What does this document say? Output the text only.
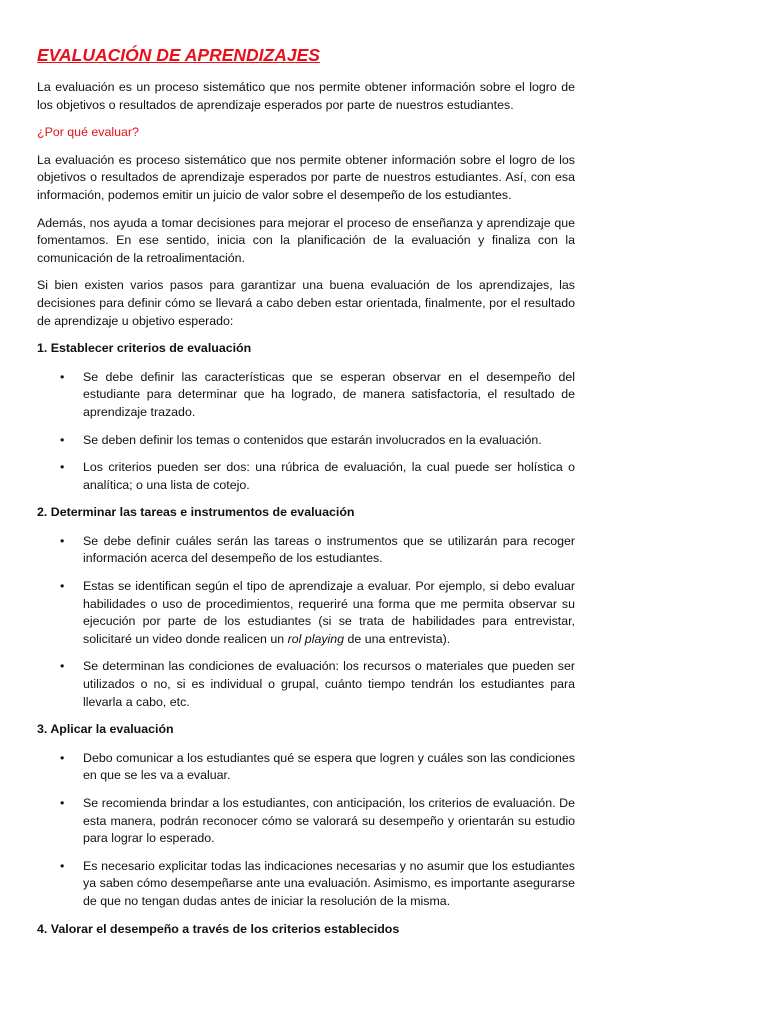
EVALUACIÓN DE APRENDIZAJES

La evaluación es un proceso sistemático que nos permite obtener información sobre el logro de los objetivos o resultados de aprendizaje esperados por parte de nuestros estudiantes.

¿Por qué evaluar?

La evaluación es proceso sistemático que nos permite obtener información sobre el logro de los objetivos o resultados de aprendizaje esperados por parte de nuestros estudiantes. Así, con esa información, podemos emitir un juicio de valor sobre el desempeño de los estudiantes.

Además, nos ayuda a tomar decisiones para mejorar el proceso de enseñanza y aprendizaje que fomentamos. En ese sentido, inicia con la planificación de la evaluación y finaliza con la comunicación de la retroalimentación.

Si bien existen varios pasos para garantizar una buena evaluación de los aprendizajes, las decisiones para definir cómo se llevará a cabo deben estar orientada, finalmente, por el resultado de aprendizaje u objetivo esperado:

1. Establecer criterios de evaluación
• Se debe definir las características que se esperan observar en el desempeño del estudiante para determinar que ha logrado, de manera satisfactoria, el resultado de aprendizaje trazado.
• Se deben definir los temas o contenidos que estarán involucrados en la evaluación.
• Los criterios pueden ser dos: una rúbrica de evaluación, la cual puede ser holística o analítica; o una lista de cotejo.
2. Determinar las tareas e instrumentos de evaluación
• Se debe definir cuáles serán las tareas o instrumentos que se utilizarán para recoger información acerca del desempeño de los estudiantes.
• Estas se identifican según el tipo de aprendizaje a evaluar. Por ejemplo, si debo evaluar habilidades o uso de procedimientos, requeriré una forma que me permita observar su ejecución por parte de los estudiantes (si se trata de habilidades para entrevistar, solicitaré un video donde realicen un rol playing de una entrevista).
• Se determinan las condiciones de evaluación: los recursos o materiales que pueden ser utilizados o no, si es individual o grupal, cuánto tiempo tendrán los estudiantes para llevarla a cabo, etc.
3. Aplicar la evaluación
• Debo comunicar a los estudiantes qué se espera que logren y cuáles son las condiciones en que se les va a evaluar.
• Se recomienda brindar a los estudiantes, con anticipación, los criterios de evaluación. De esta manera, podrán reconocer cómo se valorará su desempeño y orientarán su estudio para lograr lo esperado.
• Es necesario explicitar todas las indicaciones necesarias y no asumir que los estudiantes ya saben cómo desempeñarse ante una evaluación. Asimismo, es importante asegurarse de que no tengan dudas antes de iniciar la resolución de la misma.
4. Valorar el desempeño a través de los criterios establecidos
